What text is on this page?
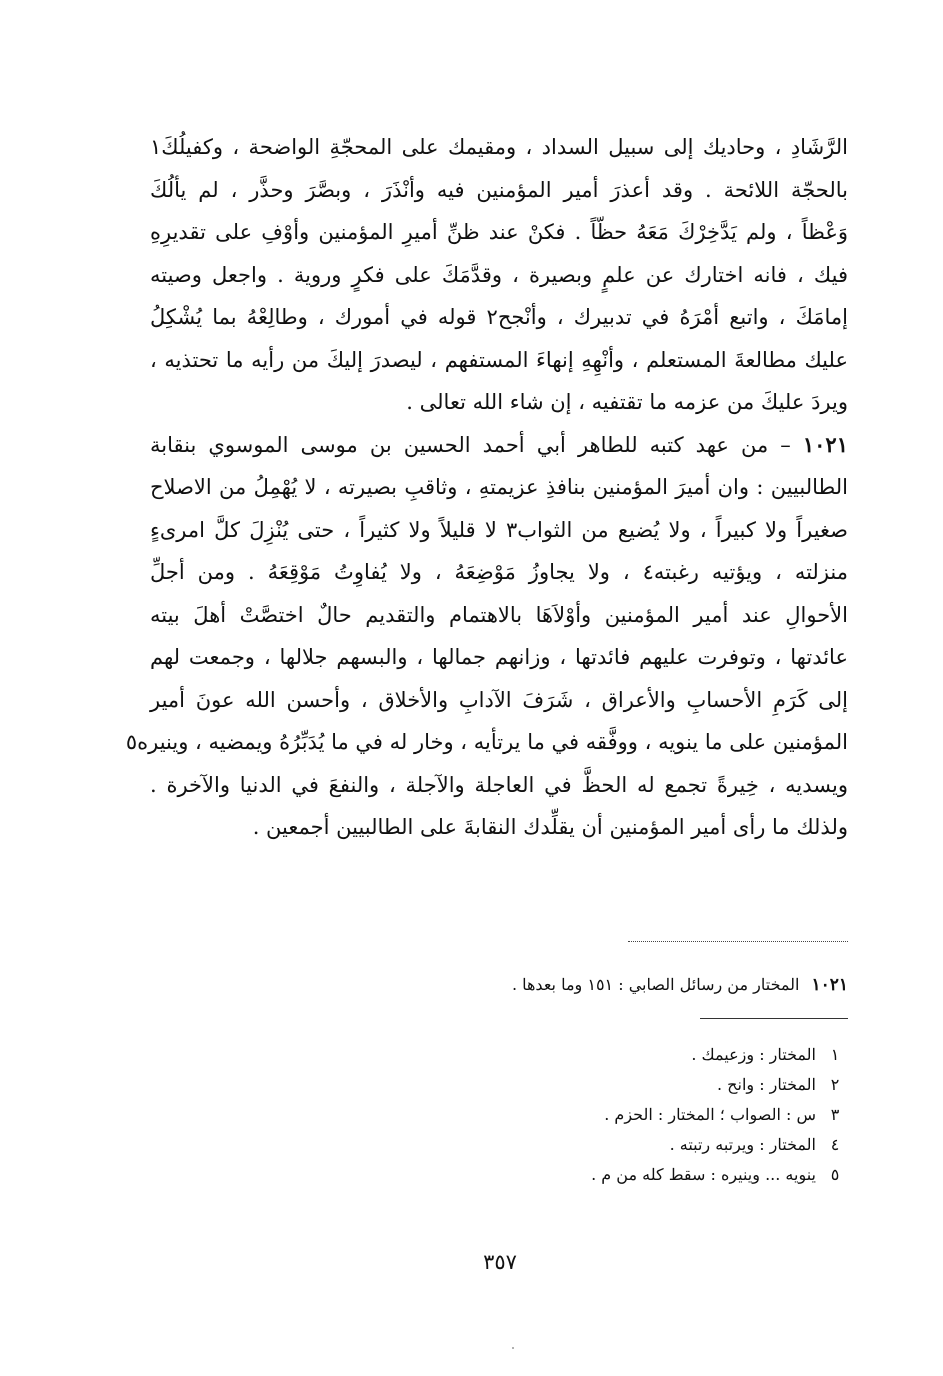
الرَّشَادِ ، وحاديك إلى سبيل السداد ، ومقيمك على المحجّةِ الواضحة ، وكفيلُكَ١
بالحجّة اللائحة . وقد أعذرَ أمير المؤمنين فيه وأنْذَرَ ، وبصَّرَ وحذَّر ، لم يألُكَ
وَعْظاً ، ولم يَدَّخِرْكَ مَعَهُ حظّاً . فكنْ عند ظنِّ أميرِ المؤمنين وأوْفِ على تقديرِهِ
فيك ، فانه اختارك عن علمٍ وبصيرة ، وقدَّمَكَ على فكرٍ وروية . واجعل وصيته
إمامَكَ ، واتبع أمْرَهُ في تدبيرك ، وأنْجح٢ قوله في أمورك ، وطالِعْهُ بما يُشْكِلُ
عليك مطالعةَ المستعلم ، وأنْهِهِ إنهاءَ المستفهم ، ليصدرَ إليكَ من رأيه ما تحتذيه ،
ويردَ عليكَ من عزمه ما تقتفيه ، إن شاء الله تعالى .
١٠٢١ – من عهد كتبه للطاهر أبي أحمد الحسين بن موسى الموسوي بنقابة
الطالبيين : وان أميرَ المؤمنين بنافذِ عزيمتهِ ، وثاقبِ بصيرته ، لا يُهْمِلُ من الاصلاح
صغيراً ولا كبيراً ، ولا يُضيع من الثواب٣ لا قليلاً ولا كثيراً ، حتى يُنْزِلَ كلَّ امرىءٍ
منزلته ، ويؤتيه رغبته٤ ، ولا يجاوزُ مَوْضِعَهُ ، ولا يُفاوِتُ مَوْقِعَهُ . ومن أجلِّ
الأحوالِ عند أمير المؤمنين وأوْلاَهَا بالاهتمام والتقديم حالٌ اختصَّتْ أهلَ بيته
عائدتها ، وتوفرت عليهم فائدتها ، وزانهم جمالها ، والبسهم جلالها ، وجمعت لهم
إلى كَرَمِ الأحسابِ والأعراق ، شَرَفَ الآدابِ والأخلاق ، وأحسن الله عونَ أمير
المؤمنين على ما ينويه ، ووفَّقه في ما يرتأيه ، وخار له في ما يُدَبِّرُهُ ويمضيه ، وينيره٥
ويسديه ، خِيرةً تجمع له الحظَّ في العاجلة والآجلة ، والنفعَ في الدنيا والآخرة .
ولذلك ما رأى أمير المؤمنين أن يقلِّدك النقابةَ على الطالبيين أجمعين .
١٠٢١المختار من رسائل الصابي : ١٥١ وما بعدها .
١المختار : وزعيمك .
٢المختار : وانح .
٣س : الصواب ؛ المختار : الحزم .
٤المختار : ويرتبه رتبته .
٥ينويه ... وينيره : سقط كله من م .
٣٥٧
